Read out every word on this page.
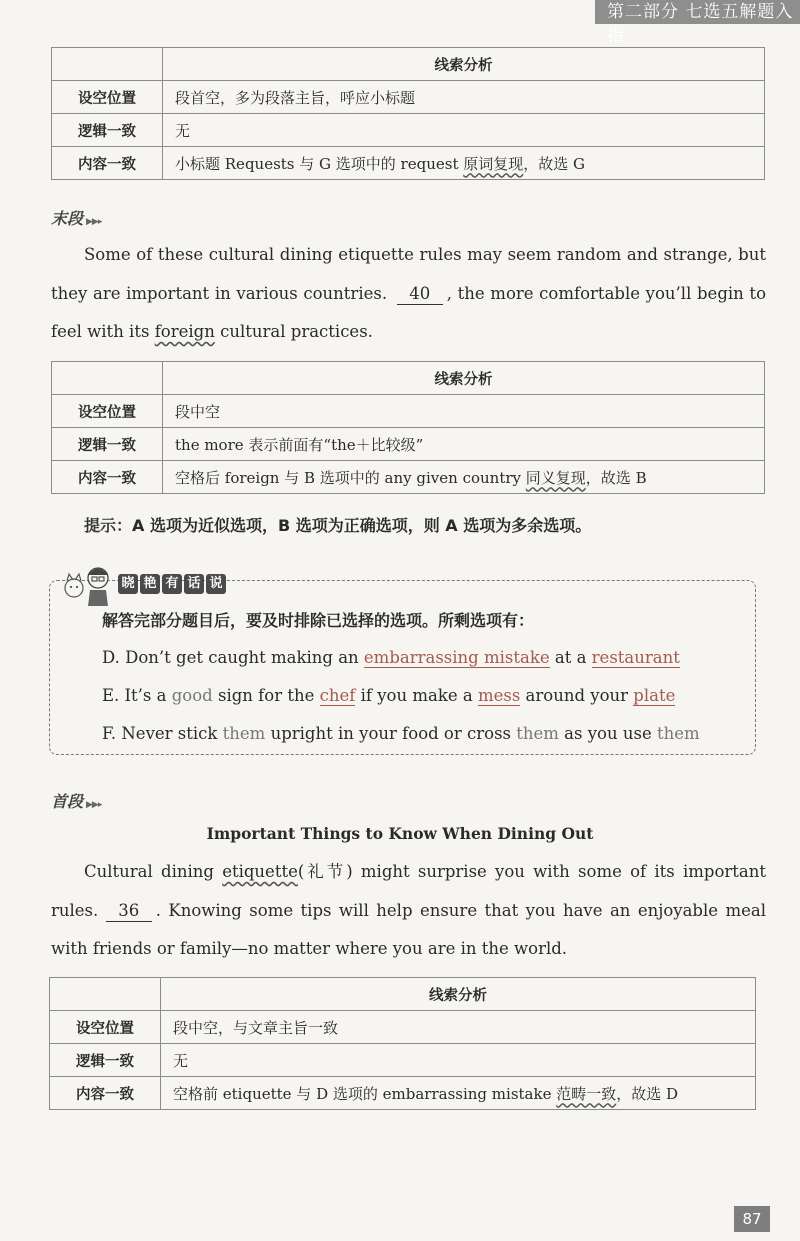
第二部分 七选五解题入指
	线索分析
设空位置	段首空，多为段落主旨，呼应小标题
逻辑一致	无
内容一致	小标题 Requests 与 G 选项中的 request 原词复现，故选 G
末段 ▶▶▸
Some of these cultural dining etiquette rules may seem random and strange, but they are important in various countries. 40 , the more comfortable you’ll begin to feel with its foreign cultural practices.
	线索分析
设空位置	段中空
逻辑一致	the more 表示前面有“the＋比较级”
内容一致	空格后 foreign 与 B 选项中的 any given country 同义复现，故选 B
提示：A 选项为近似选项，B 选项为正确选项，则 A 选项为多余选项。
晓 艳 有 话 说
解答完部分题目后，要及时排除已选择的选项。所剩选项有：
D. Don’t get caught making an embarrassing mistake at a restaurant
E. It’s a good sign for the chef if you make a mess around your plate
F. Never stick them upright in your food or cross them as you use them
首段 ▶▶▸
Important Things to Know When Dining Out
Cultural dining etiquette(礼节) might surprise you with some of its important rules. 36 . Knowing some tips will help ensure that you have an enjoyable meal with friends or family—no matter where you are in the world.
	线索分析
设空位置	段中空，与文章主旨一致
逻辑一致	无
内容一致	空格前 etiquette 与 D 选项的 embarrassing mistake 范畴一致，故选 D
87
